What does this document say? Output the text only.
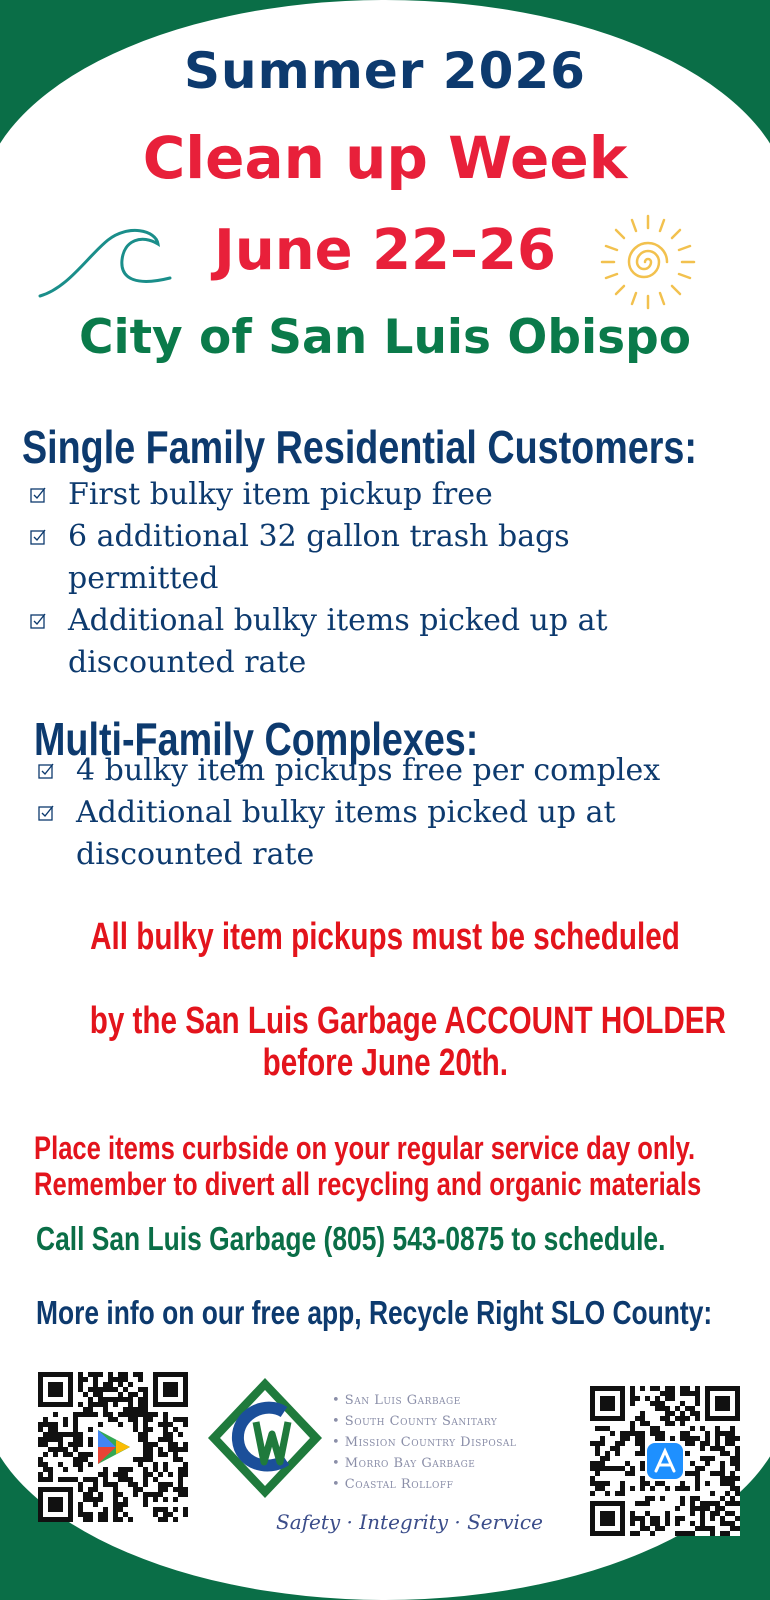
Summer 2026
Clean up Week
June 22–26
City of San Luis Obispo
Single Family Residential Customers:
First bulky item pickup free
6 additional 32 gallon trash bags permitted
Additional bulky items picked up at discounted rate
Multi-Family Complexes:
4 bulky item pickups free per complex
Additional bulky items picked up at discounted rate
All bulky item pickups must be scheduled
by the San Luis Garbage ACCOUNT HOLDER
before June 20th.
Place items curbside on your regular service day only.
Remember to divert all recycling and organic materials
Call San Luis Garbage (805) 543-0875 to schedule.
More info on our free app, Recycle Right SLO County:
• San Luis Garbage
• South County Sanitary
• Mission Country Disposal
• Morro Bay Garbage
• Coastal Rolloff
Safety · Integrity · Service
